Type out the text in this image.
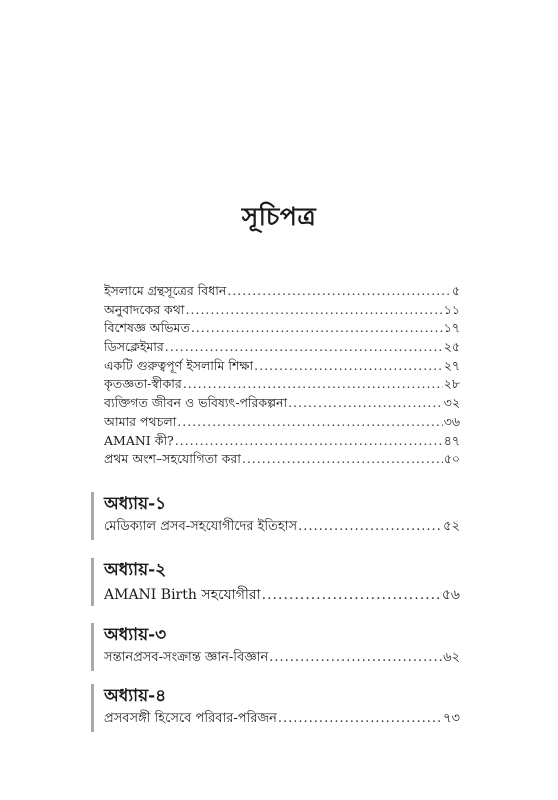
সূচিপত্র
ইসলামে গ্রন্থসূত্রের বিধান .....	৫
অনুবাদকের কথা .....	১১
বিশেষজ্ঞ অভিমত .....	১৭
ডিসক্লেইমার .....	২৫
একটি গুরুত্বপূর্ণ ইসলামি শিক্ষা .....	২৭
কৃতজ্ঞতা-স্বীকার .....	২৮
ব্যক্তিগত জীবন ও ভবিষ্যৎ-পরিকল্পনা .....	৩২
আমার পথচলা .....	৩৬
AMANI কী? .....	৪৭
প্রথম অংশ–সহযোগিতা করা .....	৫০
অধ্যায়-১
মেডিক্যাল প্রসব-সহযোগীদের ইতিহাস .....	৫২
অধ্যায়-২
AMANI Birth সহযোগীরা .....	৫৬
অধ্যায়-৩
সন্তানপ্রসব-সংক্রান্ত জ্ঞান-বিজ্ঞান .....	৬২
অধ্যায়-৪
প্রসবসঙ্গী হিসেবে পরিবার-পরিজন .....	৭৩
